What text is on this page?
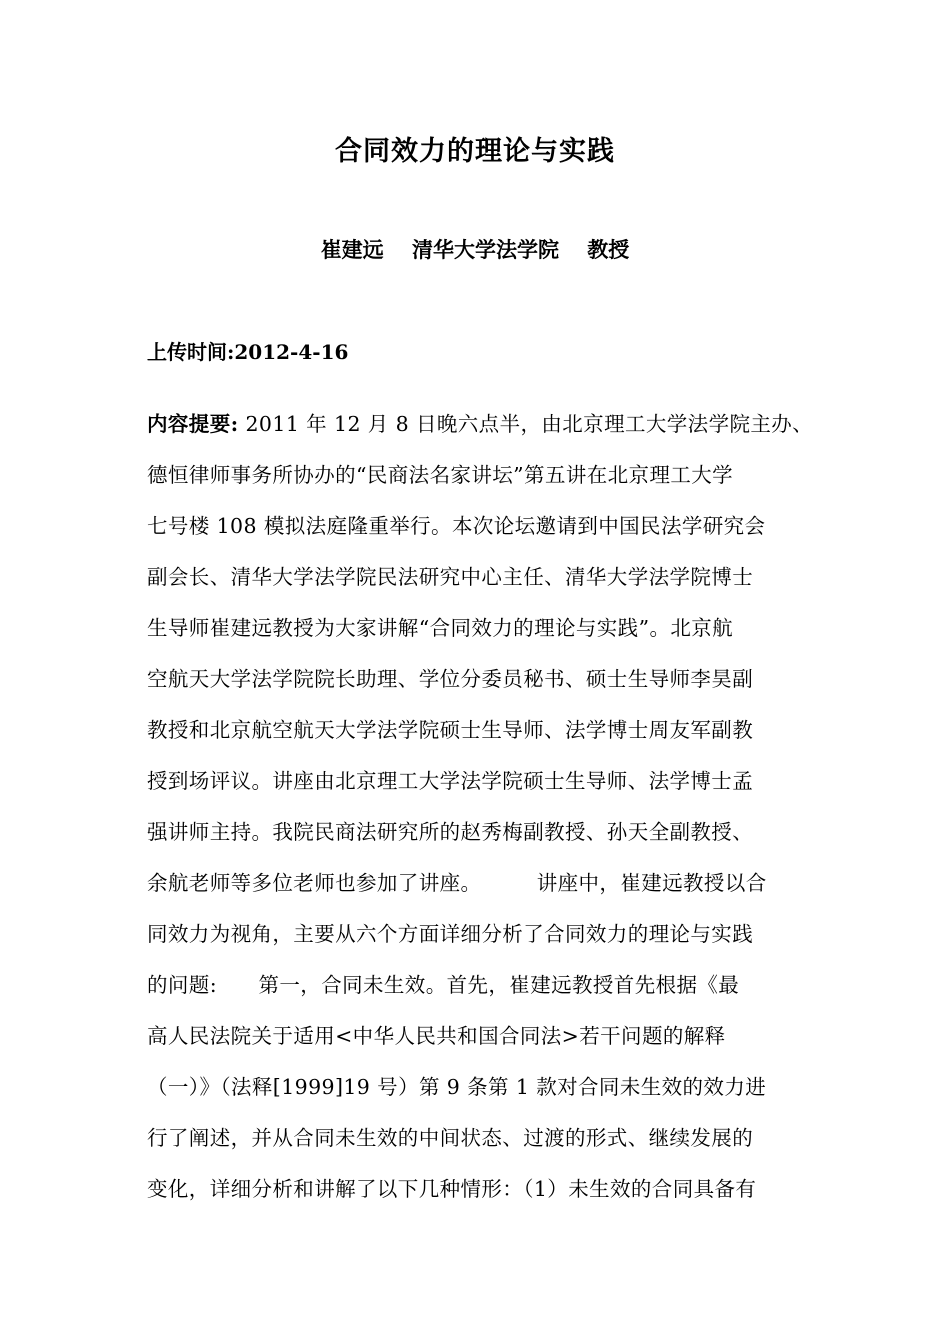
合同效力的理论与实践
崔建远　 清华大学法学院　 教授
上传时间:2012-4-16
内容提要: 2011 年 12 月 8 日晚六点半，由北京理工大学法学院主办、
德恒律师事务所协办的“民商法名家讲坛”第五讲在北京理工大学
七号楼 108 模拟法庭隆重举行。本次论坛邀请到中国民法学研究会
副会长、清华大学法学院民法研究中心主任、清华大学法学院博士
生导师崔建远教授为大家讲解“合同效力的理论与实践”。北京航
空航天大学法学院院长助理、学位分委员秘书、硕士生导师李昊副
教授和北京航空航天大学法学院硕士生导师、法学博士周友军副教
授到场评议。讲座由北京理工大学法学院硕士生导师、法学博士孟
强讲师主持。我院民商法研究所的赵秀梅副教授、孙天全副教授、
余航老师等多位老师也参加了讲座。        讲座中，崔建远教授以合
同效力为视角，主要从六个方面详细分析了合同效力的理论与实践
的问题:      第一，合同未生效。首先，崔建远教授首先根据《最
高人民法院关于适用<中华人民共和国合同法>若干问题的解释
（一）》（法释[1999]19 号）第 9 条第 1 款对合同未生效的效力进
行了阐述，并从合同未生效的中间状态、过渡的形式、继续发展的
变化，详细分析和讲解了以下几种情形：（1）未生效的合同具备有
